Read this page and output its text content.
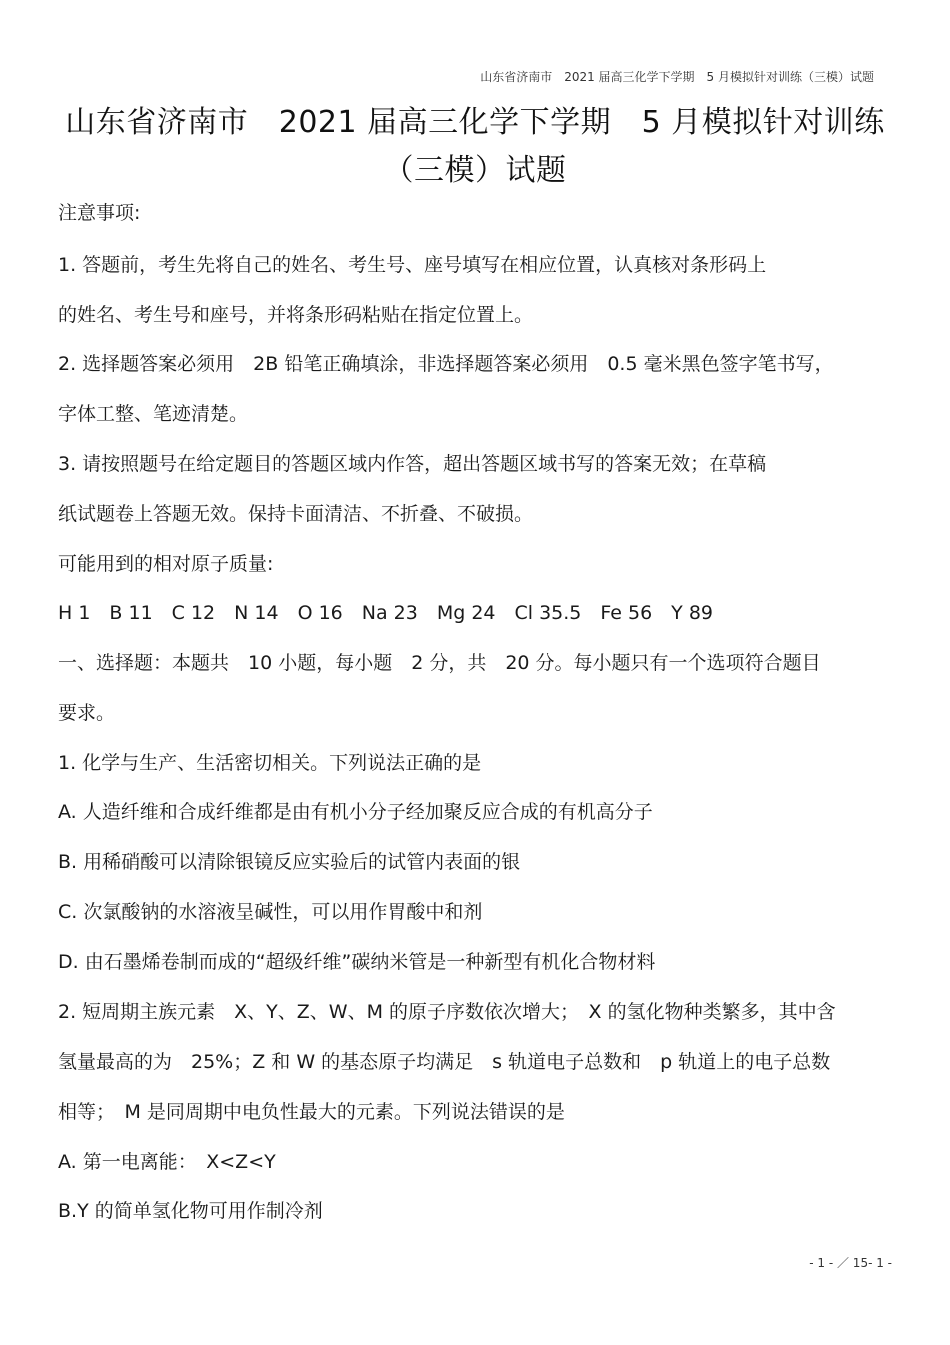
山东省济南市　2021 届高三化学下学期　5 月模拟针对训练（三模）试题
山东省济南市　2021 届高三化学下学期　5 月模拟针对训练
（三模）试题
注意事项:
1. 答题前，考生先将自己的姓名、考生号、座号填写在相应位置，认真核对条形码上
的姓名、考生号和座号，并将条形码粘贴在指定位置上。
2. 选择题答案必须用　2B 铅笔正确填涂，非选择题答案必须用　0.5 毫米黑色签字笔书写，
字体工整、笔迹清楚。
3. 请按照题号在给定题目的答题区域内作答，超出答题区域书写的答案无效；在草稿
纸试题卷上答题无效。保持卡面清洁、不折叠、不破损。
可能用到的相对原子质量:
H 1　B 11　C 12　N 14　O 16　Na 23　Mg 24　Cl 35.5　Fe 56　Y 89
一、选择题：本题共　10 小题，每小题　2 分，共　20 分。每小题只有一个选项符合题目
要求。
1. 化学与生产、生活密切相关。下列说法正确的是
A. 人造纤维和合成纤维都是由有机小分子经加聚反应合成的有机高分子
B. 用稀硝酸可以清除银镜反应实验后的试管内表面的银
C. 次氯酸钠的水溶液呈碱性，可以用作胃酸中和剂
D. 由石墨烯卷制而成的“超级纤维”碳纳米管是一种新型有机化合物材料
2. 短周期主族元素　X、Y、Z、W、M 的原子序数依次增大；　X 的氢化物种类繁多，其中含
氢量最高的为　25%；Z 和 W 的基态原子均满足　s 轨道电子总数和　p 轨道上的电子总数
相等；　M 是同周期中电负性最大的元素。下列说法错误的是
A. 第一电离能：　X<Z<Y
B.Y 的简单氢化物可用作制冷剂
- 1 - ／ 15- 1 -
